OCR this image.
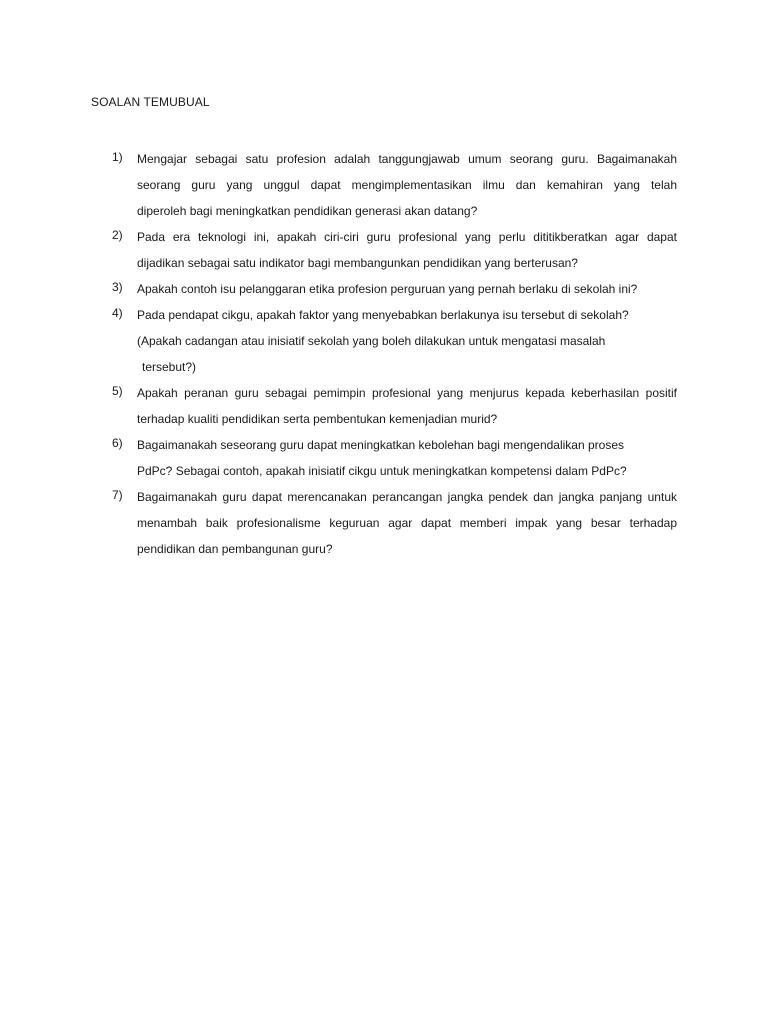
SOALAN TEMUBUAL
1) Mengajar sebagai satu profesion adalah tanggungjawab umum seorang guru. Bagaimanakah
seorang guru yang unggul dapat mengimplementasikan ilmu dan kemahiran yang telah
diperoleh bagi meningkatkan pendidikan generasi akan datang?
2) Pada era teknologi ini, apakah ciri-ciri guru profesional yang perlu dititikberatkan agar dapat
dijadikan sebagai satu indikator bagi membangunkan pendidikan yang berterusan?
3) Apakah contoh isu pelanggaran etika profesion perguruan yang pernah berlaku di sekolah ini?
4) Pada pendapat cikgu, apakah faktor yang menyebabkan berlakunya isu tersebut di sekolah?
(Apakah cadangan atau inisiatif sekolah yang boleh dilakukan untuk mengatasi masalah
tersebut?)
5) Apakah peranan guru sebagai pemimpin profesional yang menjurus kepada keberhasilan positif
terhadap kualiti pendidikan serta pembentukan kemenjadian murid?
6) Bagaimanakah seseorang guru dapat meningkatkan kebolehan bagi mengendalikan proses
PdPc? Sebagai contoh, apakah inisiatif cikgu untuk meningkatkan kompetensi dalam PdPc?
7) Bagaimanakah guru dapat merencanakan perancangan jangka pendek dan jangka panjang untuk
menambah baik profesionalisme keguruan agar dapat memberi impak yang besar terhadap
pendidikan dan pembangunan guru?
